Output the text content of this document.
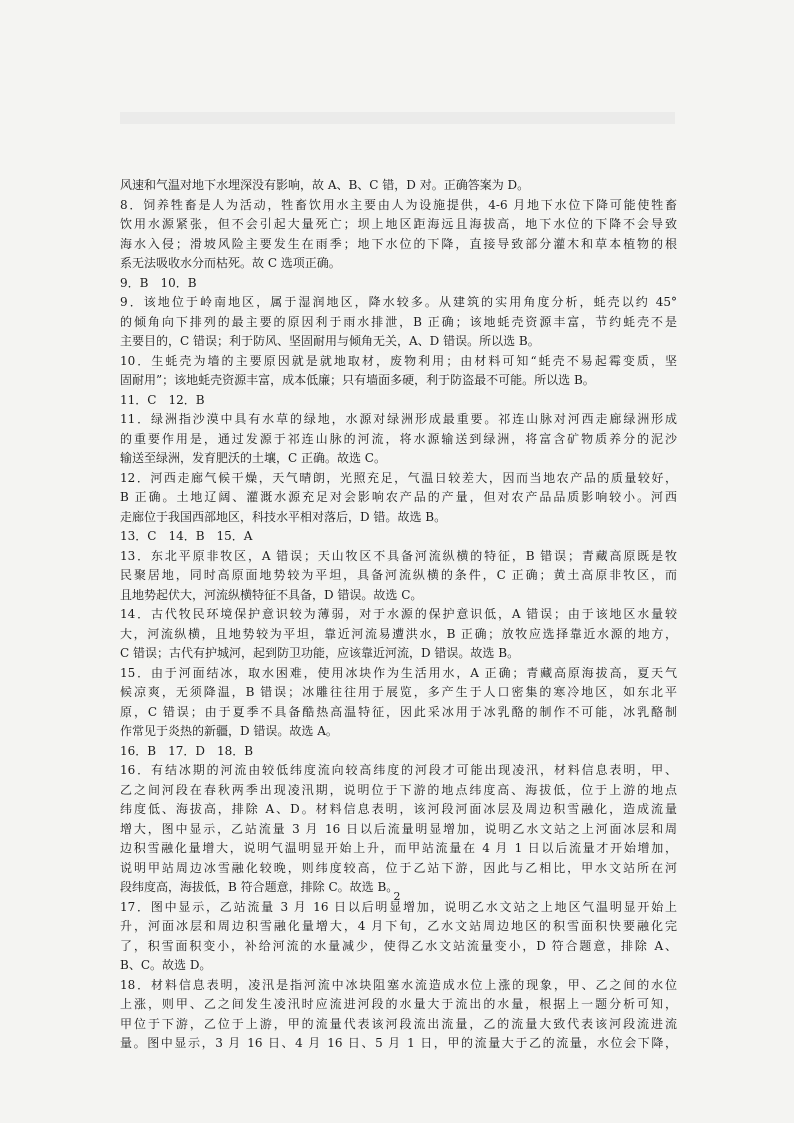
风速和气温对地下水埋深没有影响，故 A、B、C 错，D 对。正确答案为 D。
8．饲养牲畜是人为活动，牲畜饮用水主要由人为设施提供，4-6 月地下水位下降可能使牲畜
饮用水源紧张，但不会引起大量死亡；坝上地区距海远且海拔高，地下水位的下降不会导致
海水入侵；滑坡风险主要发生在雨季；地下水位的下降，直接导致部分灌木和草本植物的根
系无法吸收水分而枯死。故 C 选项正确。
9．B　10．B
9．该地位于岭南地区，属于湿润地区，降水较多。从建筑的实用角度分析，蚝壳以约 45°
的倾角向下排列的最主要的原因利于雨水排泄，B 正确；该地蚝壳资源丰富，节约蚝壳不是
主要目的，C 错误；利于防风、坚固耐用与倾角无关，A、D 错误。所以选 B。
10．生蚝壳为墙的主要原因就是就地取材，废物利用；由材料可知“蚝壳不易起霉变质，坚
固耐用”；该地蚝壳资源丰富，成本低廉；只有墙面多硬，利于防盗最不可能。所以选 B。
11．C　12．B
11．绿洲指沙漠中具有水草的绿地，水源对绿洲形成最重要。祁连山脉对河西走廊绿洲形成
的重要作用是，通过发源于祁连山脉的河流，将水源输送到绿洲，将富含矿物质养分的泥沙
输送至绿洲，发育肥沃的土壤，C 正确。故选 C。
12．河西走廊气候干燥，天气晴朗，光照充足，气温日较差大，因而当地农产品的质量较好，
B 正确。土地辽阔、灌溉水源充足对会影响农产品的产量，但对农产品品质影响较小。河西
走廊位于我国西部地区，科技水平相对落后，D 错。故选 B。
13．C　14．B　15．A
13．东北平原非牧区，A 错误；天山牧区不具备河流纵横的特征，B 错误；青藏高原既是牧
民聚居地，同时高原面地势较为平坦，具备河流纵横的条件，C 正确；黄土高原非牧区，而
且地势起伏大，河流纵横特征不具备，D 错误。故选 C。
14．古代牧民环境保护意识较为薄弱，对于水源的保护意识低，A 错误；由于该地区水量较
大，河流纵横，且地势较为平坦，靠近河流易遭洪水，B 正确；放牧应选择靠近水源的地方，
C 错误；古代有护城河，起到防卫功能，应该靠近河流，D 错误。故选 B。
15．由于河面结冰，取水困难，使用冰块作为生活用水，A 正确；青藏高原海拔高，夏天气
候凉爽，无须降温，B 错误；冰雕往往用于展览，多产生于人口密集的寒冷地区，如东北平
原，C 错误；由于夏季不具备酷热高温特征，因此采冰用于冰乳酪的制作不可能，冰乳酪制
作常见于炎热的新疆，D 错误。故选 A。
16．B　17．D　18．B
16．有结冰期的河流由较低纬度流向较高纬度的河段才可能出现凌汛，材料信息表明，甲、
乙之间河段在春秋两季出现凌汛期，说明位于下游的地点纬度高、海拔低，位于上游的地点
纬度低、海拔高，排除 A、D。材料信息表明，该河段河面冰层及周边积雪融化，造成流量
增大，图中显示，乙站流量 3 月 16 日以后流量明显增加，说明乙水文站之上河面冰层和周
边积雪融化量增大，说明气温明显开始上升，而甲站流量在 4 月 1 日以后流量才开始增加，
说明甲站周边冰雪融化较晚，则纬度较高，位于乙站下游，因此与乙相比，甲水文站所在河
段纬度高，海拔低，B 符合题意，排除 C。故选 B。
17．图中显示，乙站流量 3 月 16 日以后明显增加，说明乙水文站之上地区气温明显开始上
升，河面冰层和周边积雪融化量增大，4 月下旬，乙水文站周边地区的积雪面积快要融化完
了，积雪面积变小，补给河流的水量减少，使得乙水文站流量变小，D 符合题意，排除 A、
B、C。故选 D。
18．材料信息表明，凌汛是指河流中冰块阻塞水流造成水位上涨的现象，甲、乙之间的水位
上涨，则甲、乙之间发生凌汛时应流进河段的水量大于流出的水量，根据上一题分析可知，
甲位于下游，乙位于上游，甲的流量代表该河段流出流量，乙的流量大致代表该河段流进流
量。图中显示，3 月 16 日、4 月 16 日、5 月 1 日，甲的流量大于乙的流量，水位会下降，
2
